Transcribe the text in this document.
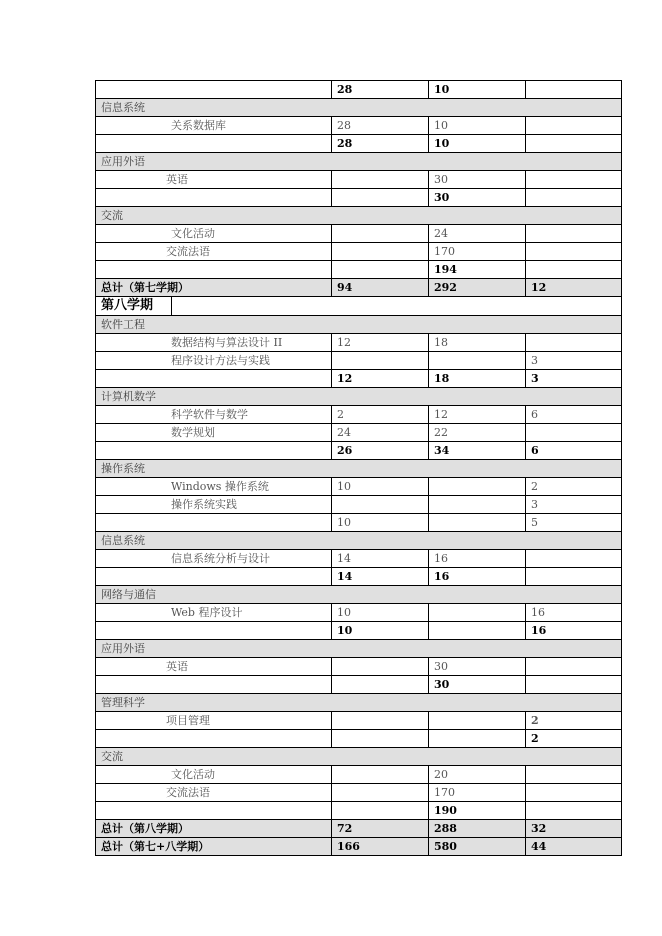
	28	10	
信息系统			
关系数据库	28	10	
	28	10	
应用外语			
英语		30	
		30	
交流			
文化活动		24	
交流法语		170	
		194	
总计（第七学期）	94	292	12

第八学期			

软件工程			
数据结构与算法设计 II	12	18	
程序设计方法与实践			3
	12	18	3
计算机数学			
科学软件与数学	2	12	6
数学规划	24	22	
	26	34	6
操作系统			
Windows 操作系统	10		2
操作系统实践			3
	10		5
信息系统			
信息系统分析与设计	14	16	
	14	16	
网络与通信			
Web 程序设计	10		16
	10		16
应用外语			
英语		30	
		30	
管理科学			
项目管理			2
			2
交流			
文化活动		20	
交流法语		170	
		190	
总计（第八学期）	72	288	32
总计（第七+八学期）	166	580	44
